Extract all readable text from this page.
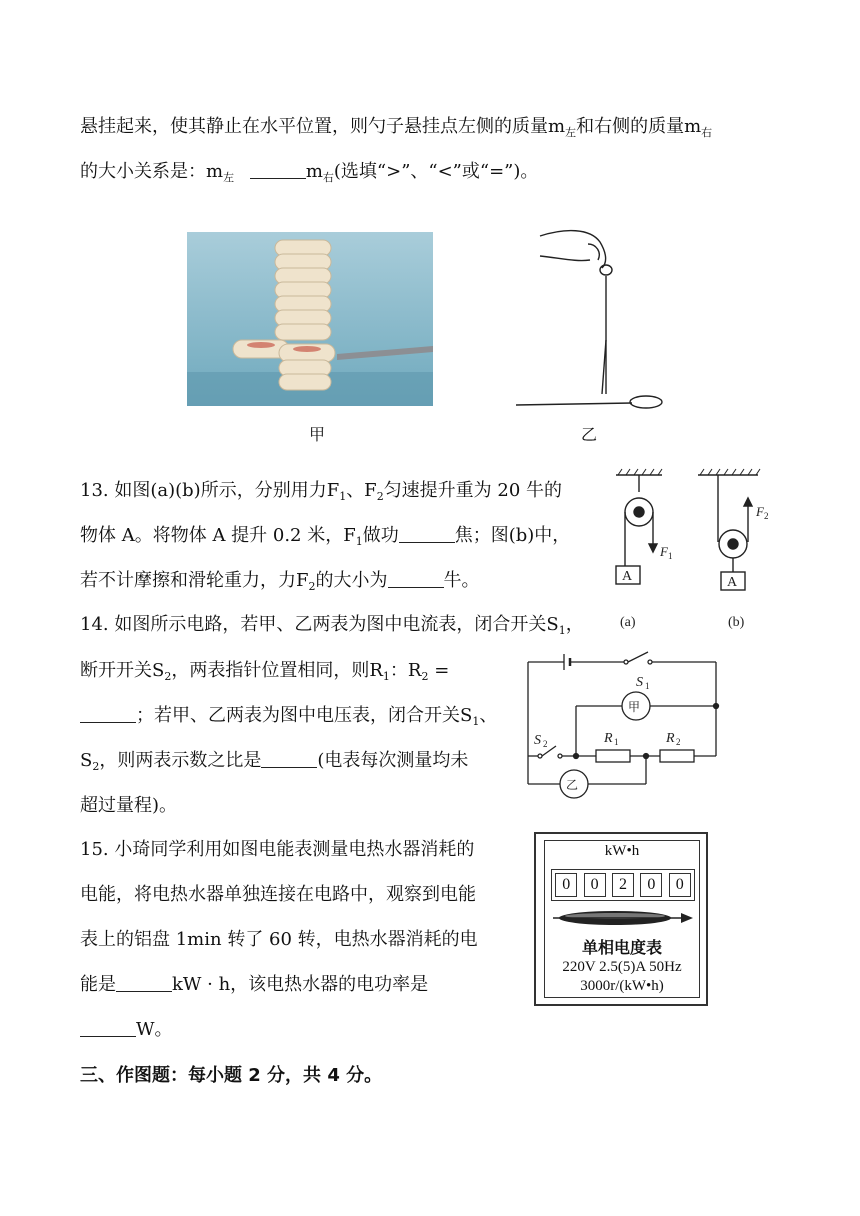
悬挂起来，使其静止在水平位置，则勺子悬挂点左侧的质量$m_左$和右侧的质量$m_右$
的大小关系是：$m_左$	$m_右$(选填“>”、“<”或“=”)。
甲	乙
13. 如图(a)(b)所示，分别用力$F_1$、$F_2$匀速提升重为 20 牛的
物体 A。将物体 A 提升 0.2 米，$F_1$做功	焦；图(b)中，
若不计摩擦和滑轮重力，力$F_2$的大小为	牛。	A
F 1
(a)
A
F 2
(b)
14. 如图所示电路，若甲、乙两表为图中电流表，闭合开关$S_1$，
断开开关$S_2$，两表指针位置相同，则$R_1$：$R_2$ =
；若甲、乙两表为图中电压表，闭合开关$S_1$、
$S_2$，则两表示数之比是	(电表每次测量均未
超过量程)。
S 1
甲
S 2	R 1	R 2
乙
15. 小琦同学利用如图电能表测量电热水器消耗的
电能，将电热水器单独连接在电路中，观察到电能
表上的铝盘 1min 转了 60 转，电热水器消耗的电
能是	kW · h，该电热水器的电功率是
W。
kW•h
0	0	2	0	0
单相电度表
220V 2.5(5)A 50Hz
3000r/(kW•h)
三、作图题：每小题 2 分，共 4 分。
